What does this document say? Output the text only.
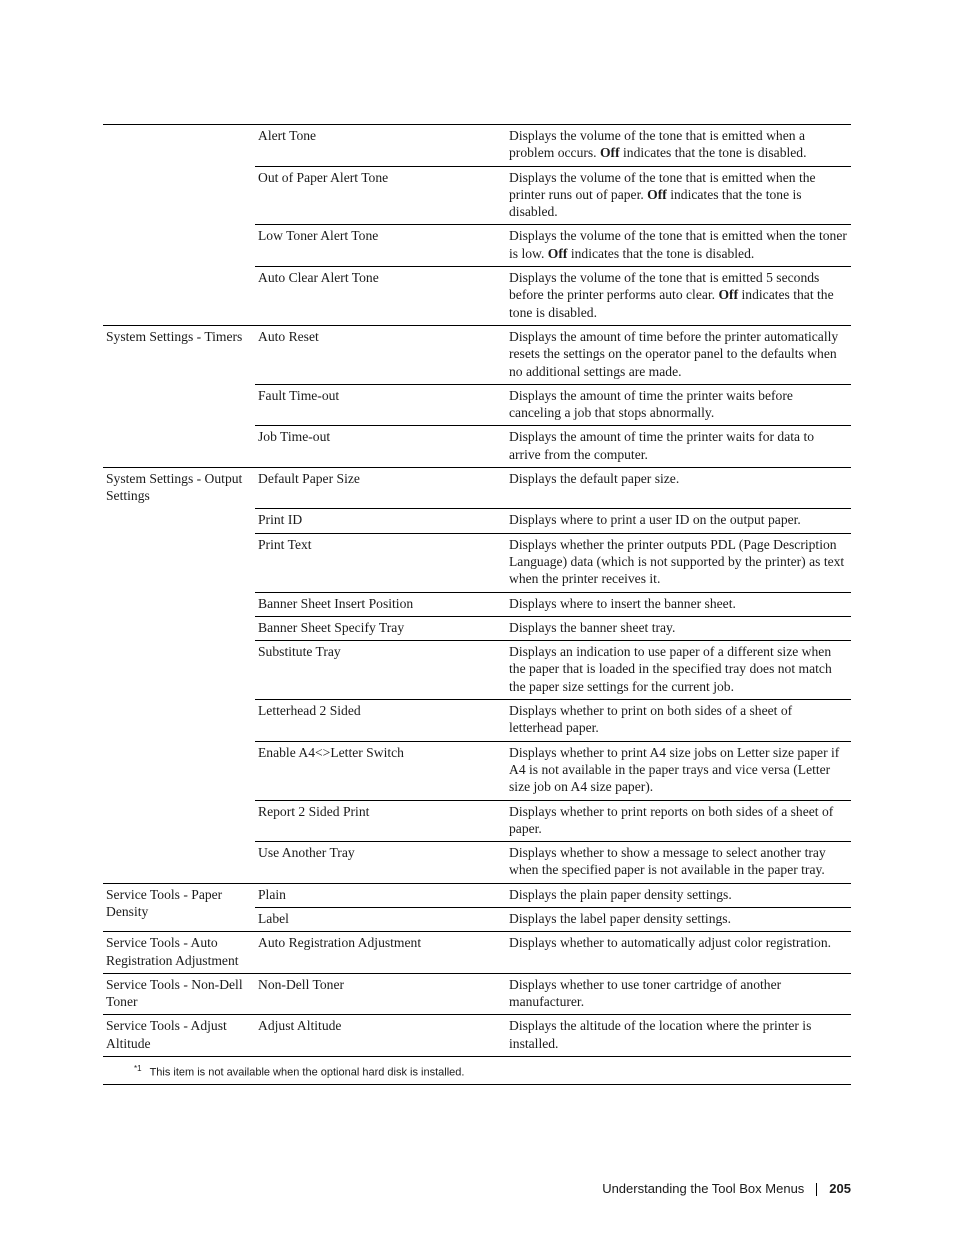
	Alert Tone	Displays the volume of the tone that is emitted when a problem occurs. Off indicates that the tone is disabled.
	Out of Paper Alert Tone	Displays the volume of the tone that is emitted when the printer runs out of paper. Off indicates that the tone is disabled.
	Low Toner Alert Tone	Displays the volume of the tone that is emitted when the toner is low. Off indicates that the tone is disabled.
	Auto Clear Alert Tone	Displays the volume of the tone that is emitted 5 seconds before the printer performs auto clear. Off indicates that the tone is disabled.
System Settings - Timers	Auto Reset	Displays the amount of time before the printer automatically resets the settings on the operator panel to the defaults when no additional settings are made.
	Fault Time-out	Displays the amount of time the printer waits before canceling a job that stops abnormally.
	Job Time-out	Displays the amount of time the printer waits for data to arrive from the computer.
System Settings - Output Settings	Default Paper Size	Displays the default paper size.

	Print ID	Displays where to print a user ID on the output paper.
	Print Text	Displays whether the printer outputs PDL (Page Description Language) data (which is not supported by the printer) as text when the printer receives it.
	Banner Sheet Insert Position	Displays where to insert the banner sheet.
	Banner Sheet Specify Tray	Displays the banner sheet tray.
	Substitute Tray	Displays an indication to use paper of a different size when the paper that is loaded in the specified tray does not match the paper size settings for the current job.
	Letterhead 2 Sided	Displays whether to print on both sides of a sheet of letterhead paper.
	Enable A4<>Letter Switch	Displays whether to print A4 size jobs on Letter size paper if A4 is not available in the paper trays and vice versa (Letter size job on A4 size paper).
	Report 2 Sided Print	Displays whether to print reports on both sides of a sheet of paper.
	Use Another Tray	Displays whether to show a message to select another tray when the specified paper is not available in the paper tray.
Service Tools - Paper Density	Plain	Displays the plain paper density settings.
	Label	Displays the label paper density settings.
Service Tools - Auto Registration Adjustment	Auto Registration Adjustment	Displays whether to automatically adjust color registration.
Service Tools - Non-Dell Toner	Non-Dell Toner	Displays whether to use toner cartridge of another manufacturer.
Service Tools - Adjust Altitude	Adjust Altitude	Displays the altitude of the location where the printer is installed.
$^{*1}$ This item is not available when the optional hard disk is installed.		
Understanding the Tool Box Menus 205
